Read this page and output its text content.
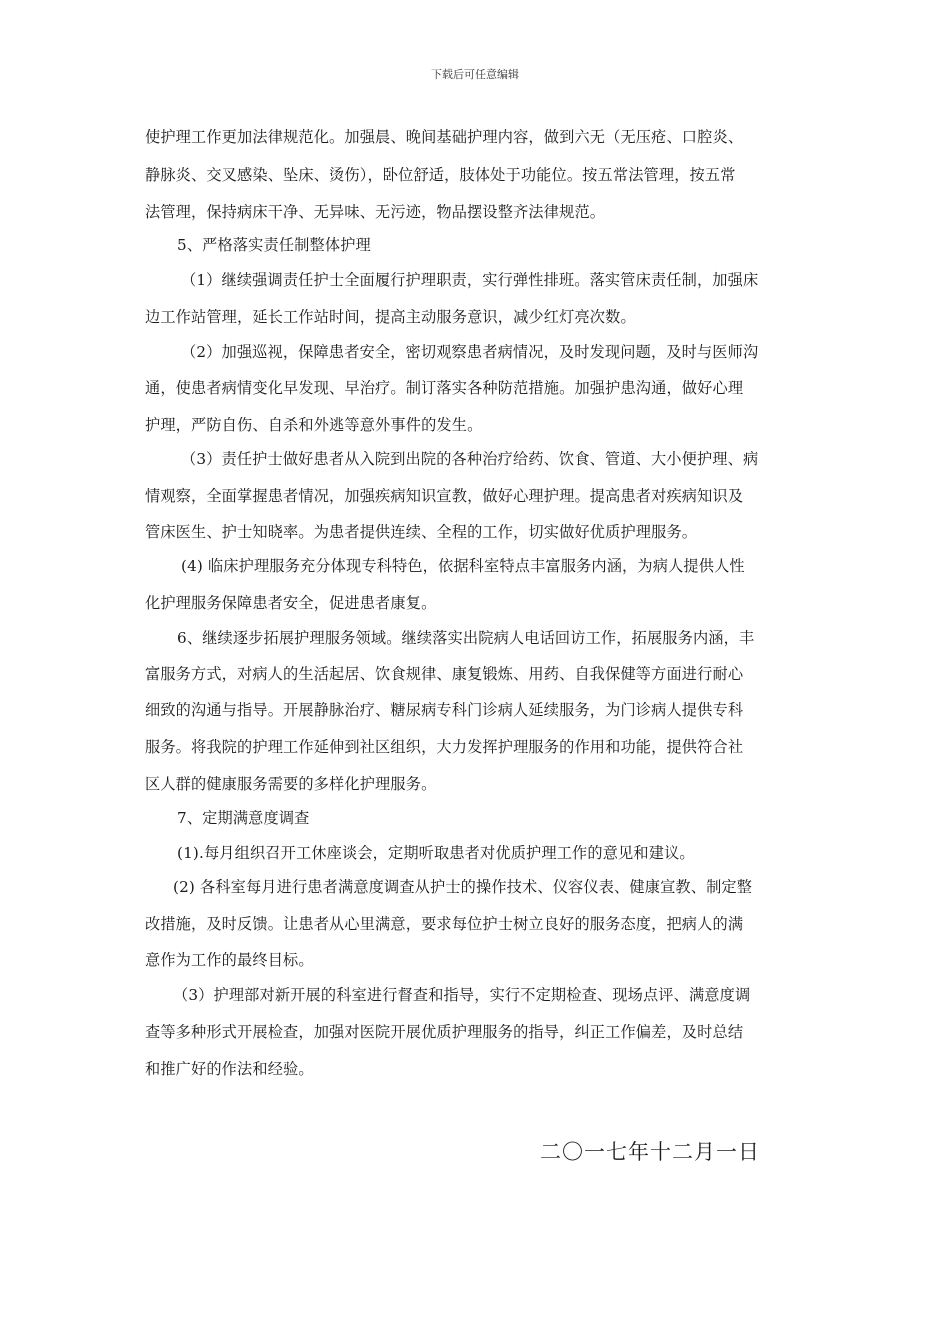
下载后可任意编辑
使护理工作更加法律规范化。加强晨、晚间基础护理内容，做到六无（无压疮、口腔炎、
静脉炎、交叉感染、坠床、烫伤），卧位舒适，肢体处于功能位。按五常法管理，按五常
法管理，保持病床干净、无异味、无污迹，物品摆设整齐法律规范。
5、严格落实责任制整体护理
（1）继续强调责任护士全面履行护理职责，实行弹性排班。落实管床责任制，加强床
边工作站管理，延长工作站时间，提高主动服务意识，减少红灯亮次数。
（2）加强巡视，保障患者安全，密切观察患者病情况，及时发现问题，及时与医师沟
通，使患者病情变化早发现、早治疗。制订落实各种防范措施。加强护患沟通，做好心理
护理，严防自伤、自杀和外逃等意外事件的发生。
（3）责任护士做好患者从入院到出院的各种治疗给药、饮食、管道、大小便护理、病
情观察，全面掌握患者情况，加强疾病知识宣教，做好心理护理。提高患者对疾病知识及
管床医生、护士知晓率。为患者提供连续、全程的工作，切实做好优质护理服务。
(4) 临床护理服务充分体现专科特色，依据科室特点丰富服务内涵，为病人提供人性
化护理服务保障患者安全，促进患者康复。
6、继续逐步拓展护理服务领域。继续落实出院病人电话回访工作，拓展服务内涵，丰
富服务方式，对病人的生活起居、饮食规律、康复锻炼、用药、自我保健等方面进行耐心
细致的沟通与指导。开展静脉治疗、糖尿病专科门诊病人延续服务，为门诊病人提供专科
服务。将我院的护理工作延伸到社区组织，大力发挥护理服务的作用和功能，提供符合社
区人群的健康服务需要的多样化护理服务。
7、定期满意度调查
(1).每月组织召开工休座谈会，定期听取患者对优质护理工作的意见和建议。
(2) 各科室每月进行患者满意度调查从护士的操作技术、仪容仪表、健康宣教、制定整
改措施，及时反馈。让患者从心里满意，要求每位护士树立良好的服务态度，把病人的满
意作为工作的最终目标。
（3）护理部对新开展的科室进行督查和指导，实行不定期检查、现场点评、满意度调
查等多种形式开展检查，加强对医院开展优质护理服务的指导，纠正工作偏差，及时总结
和推广好的作法和经验。
二〇一七年十二月一日
